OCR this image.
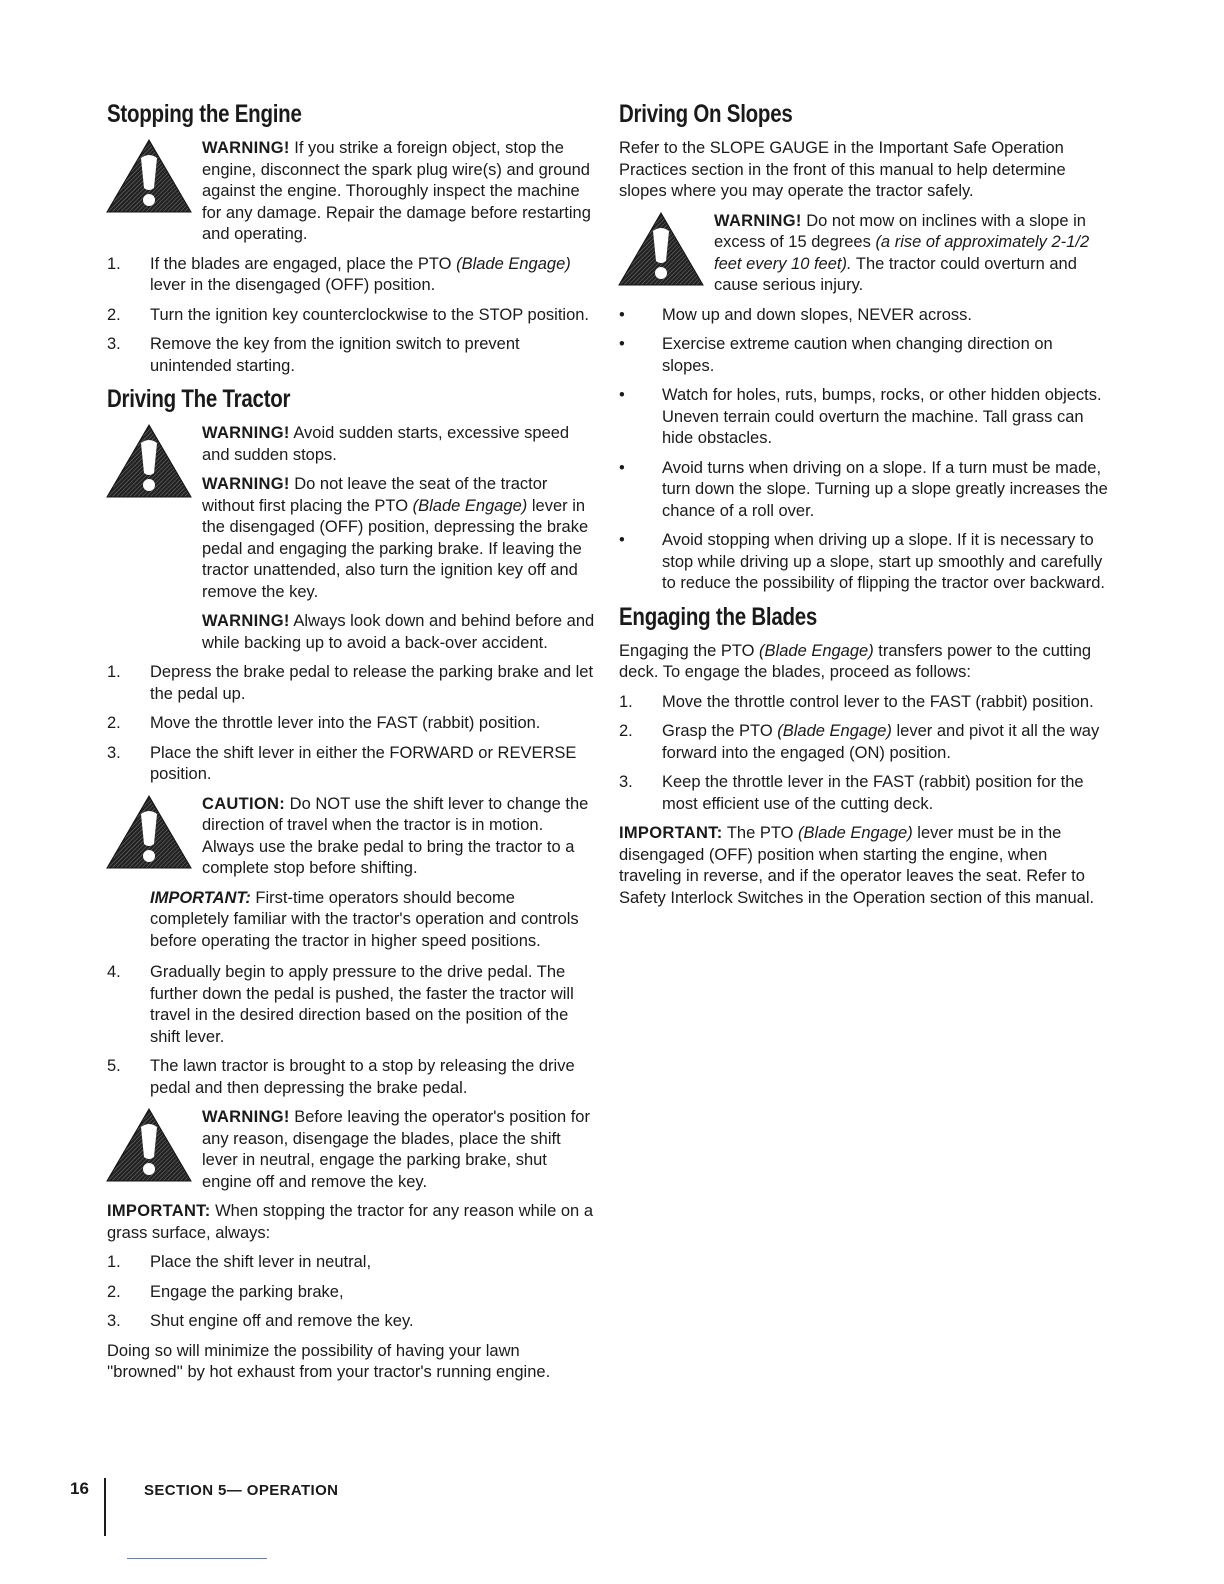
Stopping the Engine

WARNING! If you strike a foreign object, stop the engine, disconnect the spark plug wire(s) and ground against the engine. Thoroughly inspect the machine for any damage. Repair the damage before restarting and operating.

1. If the blades are engaged, place the PTO (Blade Engage) lever in the disengaged (OFF) position.
2. Turn the ignition key counterclockwise to the STOP position.
3. Remove the key from the ignition switch to prevent unintended starting.
Driving The Tractor

WARNING! Avoid sudden starts, excessive speed and sudden stops.

WARNING! Do not leave the seat of the tractor without first placing the PTO (Blade Engage) lever in the disengaged (OFF) position, depressing the brake pedal and engaging the parking brake. If leaving the tractor unattended, also turn the ignition key off and remove the key.

WARNING! Always look down and behind before and while backing up to avoid a back-over accident.

1. Depress the brake pedal to release the parking brake and let the pedal up.
2. Move the throttle lever into the FAST (rabbit) position.
3. Place the shift lever in either the FORWARD or REVERSE position.

CAUTION: Do NOT use the shift lever to change the direction of travel when the tractor is in motion. Always use the brake pedal to bring the tractor to a complete stop before shifting.

IMPORTANT: First-time operators should become completely familiar with the tractor's operation and controls before operating the tractor in higher speed positions.

4. Gradually begin to apply pressure to the drive pedal. The further down the pedal is pushed, the faster the tractor will travel in the desired direction based on the position of the shift lever.
5. The lawn tractor is brought to a stop by releasing the drive pedal and then depressing the brake pedal.

WARNING! Before leaving the operator's position for any reason, disengage the blades, place the shift lever in neutral, engage the parking brake, shut engine off and remove the key.

IMPORTANT: When stopping the tractor for any reason while on a grass surface, always:

1. Place the shift lever in neutral,
2. Engage the parking brake,
3. Shut engine off and remove the key.

Doing so will minimize the possibility of having your lawn ''browned'' by hot exhaust from your tractor's running engine.

Driving On Slopes

Refer to the SLOPE GAUGE in the Important Safe Operation Practices section in the front of this manual to help determine slopes where you may operate the tractor safely.

WARNING! Do not mow on inclines with a slope in excess of 15 degrees (a rise of approximately 2-1/2 feet every 10 feet). The tractor could overturn and cause serious injury.

• Mow up and down slopes, NEVER across.
• Exercise extreme caution when changing direction on slopes.
• Watch for holes, ruts, bumps, rocks, or other hidden objects. Uneven terrain could overturn the machine. Tall grass can hide obstacles.
• Avoid turns when driving on a slope. If a turn must be made, turn down the slope. Turning up a slope greatly increases the chance of a roll over.
• Avoid stopping when driving up a slope. If it is necessary to stop while driving up a slope, start up smoothly and carefully to reduce the possibility of flipping the tractor over backward.
Engaging the Blades

Engaging the PTO (Blade Engage) transfers power to the cutting deck. To engage the blades, proceed as follows:

1. Move the throttle control lever to the FAST (rabbit) position.
2. Grasp the PTO (Blade Engage) lever and pivot it all the way forward into the engaged (ON) position.
3. Keep the throttle lever in the FAST (rabbit) position for the most efficient use of the cutting deck.

IMPORTANT: The PTO (Blade Engage) lever must be in the disengaged (OFF) position when starting the engine, when traveling in reverse, and if the operator leaves the seat. Refer to Safety Interlock Switches in the Operation section of this manual.

16	SECTION 5— OPERATION
